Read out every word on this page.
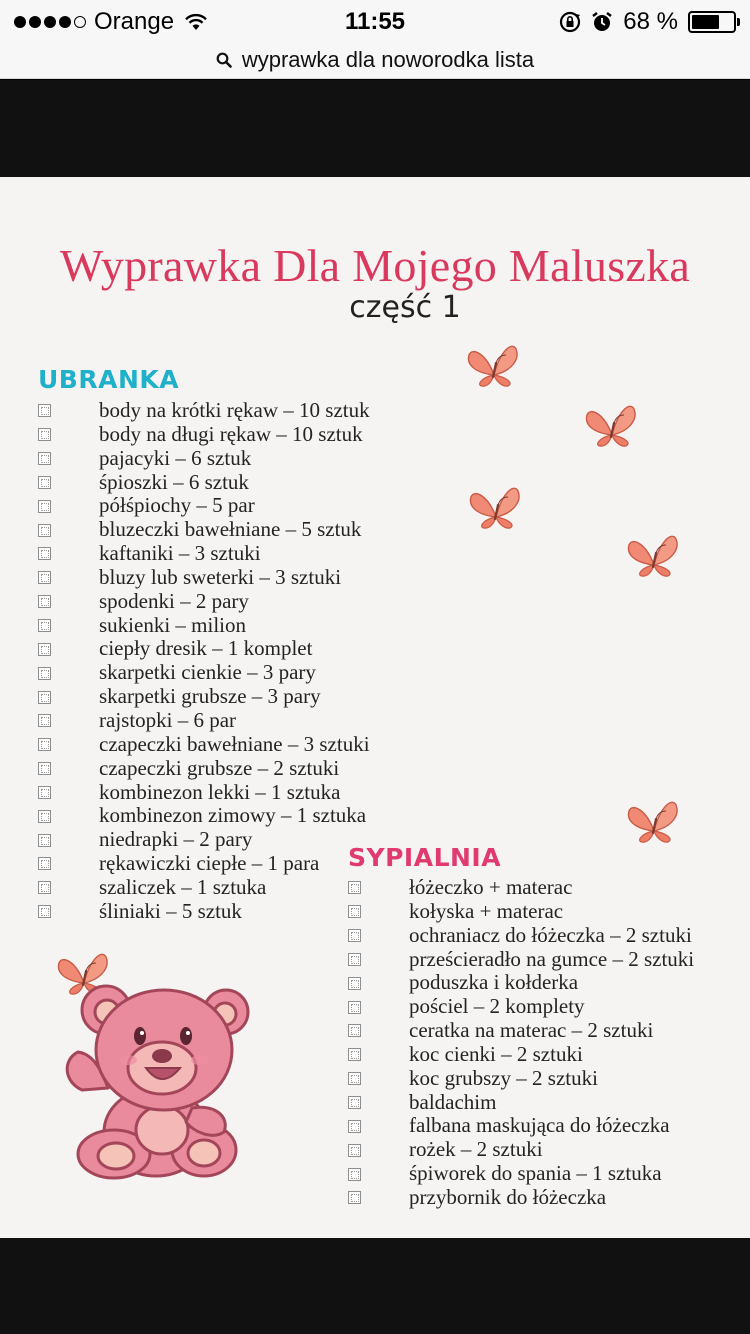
Orange	11:55	68 %
wyprawka dla noworodka lista
Wyprawka Dla Mojego Maluszka
część 1
UBRANKA
body na krótki rękaw – 10 sztuk
body na długi rękaw – 10 sztuk
pajacyki – 6 sztuk
śpioszki – 6 sztuk
półśpiochy – 5 par
bluzeczki bawełniane – 5 sztuk
kaftaniki – 3 sztuki
bluzy lub sweterki – 3 sztuki
spodenki – 2 pary
sukienki – milion
ciepły dresik – 1 komplet
skarpetki cienkie – 3 pary
skarpetki grubsze – 3 pary
rajstopki – 6 par
czapeczki bawełniane – 3 sztuki
czapeczki grubsze – 2 sztuki
kombinezon lekki – 1 sztuka
kombinezon zimowy – 1 sztuka
niedrapki – 2 pary
rękawiczki ciepłe – 1 para
szaliczek – 1 sztuka
śliniaki – 5 sztuk
SYPIALNIA
łóżeczko + materac
kołyska + materac
ochraniacz do łóżeczka – 2 sztuki
prześcieradło na gumce – 2 sztuki
poduszka i kołderka
pościel – 2 komplety
ceratka na materac – 2 sztuki
koc cienki – 2 sztuki
koc grubszy – 2 sztuki
baldachim
falbana maskująca do łóżeczka
rożek – 2 sztuki
śpiworek do spania – 1 sztuka
przybornik do łóżeczka
